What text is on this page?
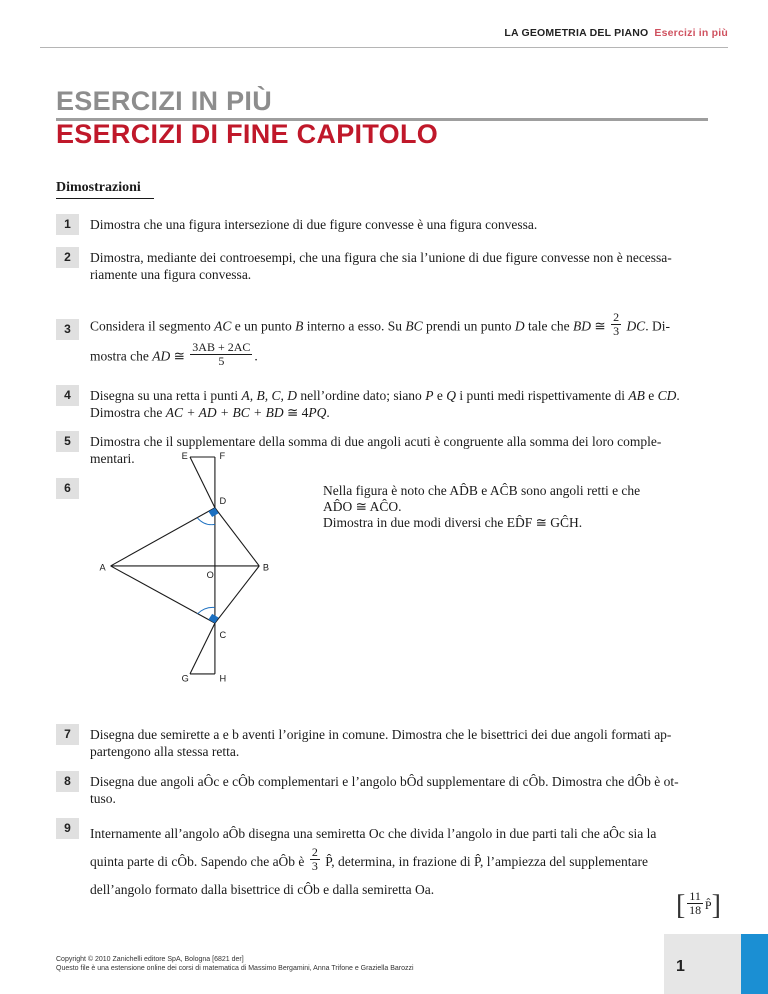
LA GEOMETRIA DEL PIANO Esercizi in più
ESERCIZI IN PIÙ
ESERCIZI DI FINE CAPITOLO
Dimostrazioni
1	Dimostra che una figura intersezione di due figure convesse è una figura convessa.
2	Dimostra, mediante dei controesempi, che una figura che sia l’unione di due figure convesse non è necessa-
riamente una figura convessa.
3	Considera il segmento AC e un punto B interno a esso. Su BC prendi un punto D tale che BD ≅ $\frac{2}{3}$ DC. Di-
mostra che AD ≅ $\frac{3AB + 2AC}{5}$ .
4	Disegna su una retta i punti A, B, C, D nell’ordine dato; siano P e Q i punti medi rispettivamente di AB e CD.
Dimostra che AC + AD + BC + BD ≅ 4PQ.
5	Dimostra che il supplementare della somma di due angoli acuti è congruente alla somma dei loro comple-
mentari.
6
E	F
D
A	B
O
C
G	H
Nella figura è noto che AD̂B e AĈB sono angoli retti e che
AD̂O ≅ AĈO.
Dimostra in due modi diversi che ED̂F ≅ GĈH.
7	Disegna due semirette a e b aventi l’origine in comune. Dimostra che le bisettrici dei due angoli formati ap-
partengono alla stessa retta.
8	Disegna due angoli aÔc e cÔb complementari e l’angolo bÔd supplementare di cÔb. Dimostra che dÔb è ot-
tuso.
9	Internamente all’angolo aÔb disegna una semiretta Oc che divida l’angolo in due parti tali che aÔc sia la
quinta parte di cÔb. Sapendo che aÔb è $\frac{2}{3}$ P̂, determina, in frazione di P̂, l’ampiezza del supplementare
dell’angolo formato dalla bisettrice di cÔb e dalla semiretta Oa.
[ $\frac{11}{18}$ P̂]
Copyright © 2010 Zanichelli editore SpA, Bologna [6821 der]
Questo file è una estensione online dei corsi di matematica di Massimo Bergamini, Anna Trifone e Graziella Barozzi	1
